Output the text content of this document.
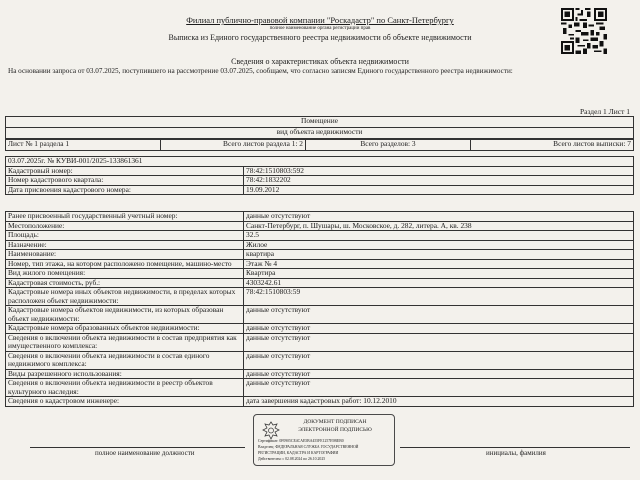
Филиал публично-правовой компании "Роскадастр" по Санкт-Петербургу
полное наименование органа регистрации прав
Выписка из Единого государственного реестра недвижимости об объекте недвижимости
Сведения о характеристиках объекта недвижимости
На основании запроса от 03.07.2025, поступившего на рассмотрение 03.07.2025, сообщаем, что согласно записям Единого государственного реестра недвижимости:
Раздел 1 Лист 1
Помещение
вид объекта недвижимости
Лист № 1 раздела 1	Всего листов раздела 1: 2	Всего разделов: 3	Всего листов выписки: 7
03.07.2025г. № КУВИ-001/2025-133861361	
Кадастровый номер:	78:42:1510803:592
Номер кадастрового квартала:	78:42:1832202
Дата присвоения кадастрового номера:	19.09.2012

Ранее присвоенный государственный учетный номер:	данные отсутствуют
Местоположение:	Санкт-Петербург, п. Шушары, ш. Московское, д. 282, литера. А, кв. 238
Площадь:	32.5
Назначение:	Жилое
Наименование:	квартира
Номер, тип этажа, на котором расположено помещение, машино-место	Этаж № 4
Вид жилого помещения:	Квартира
Кадастровая стоимость, руб.:	4303242.61
Кадастровые номера иных объектов недвижимости, в пределах которых расположен объект недвижимости:	78:42:1510803:59
Кадастровые номера объектов недвижимости, из которых образован объект недвижимости:	данные отсутствуют
Кадастровые номера образованных объектов недвижимости:	данные отсутствуют
Сведения о включении объекта недвижимости в состав предприятия как имущественного комплекса:	данные отсутствуют
Сведения о включении объекта недвижимости в состав единого недвижимого комплекса:	данные отсутствуют
Виды разрешенного использования:	данные отсутствуют
Сведения о включении объекта недвижимости в реестр объектов культурного наследия:	данные отсутствуют
Сведения о кадастровом инженере:	дата завершения кадастровых работ: 10.12.2010
ДОКУМЕНТ ПОДПИСАН
ЭЛЕКТРОННОЙ ПОДПИСЬЮ
Сертификат: 0F0905CE4CAE5BA455FE1257E9BEB0
Владелец: ФЕДЕРАЛЬНАЯ СЛУЖБА ГОСУДАРСТВЕННОЙ
РЕГИСТРАЦИИ, КАДАСТРА И КАРТОГРАФИИ
Действителен: с 02.08.2024 по 26.10.2025
полное наименование должности	инициалы, фамилия
